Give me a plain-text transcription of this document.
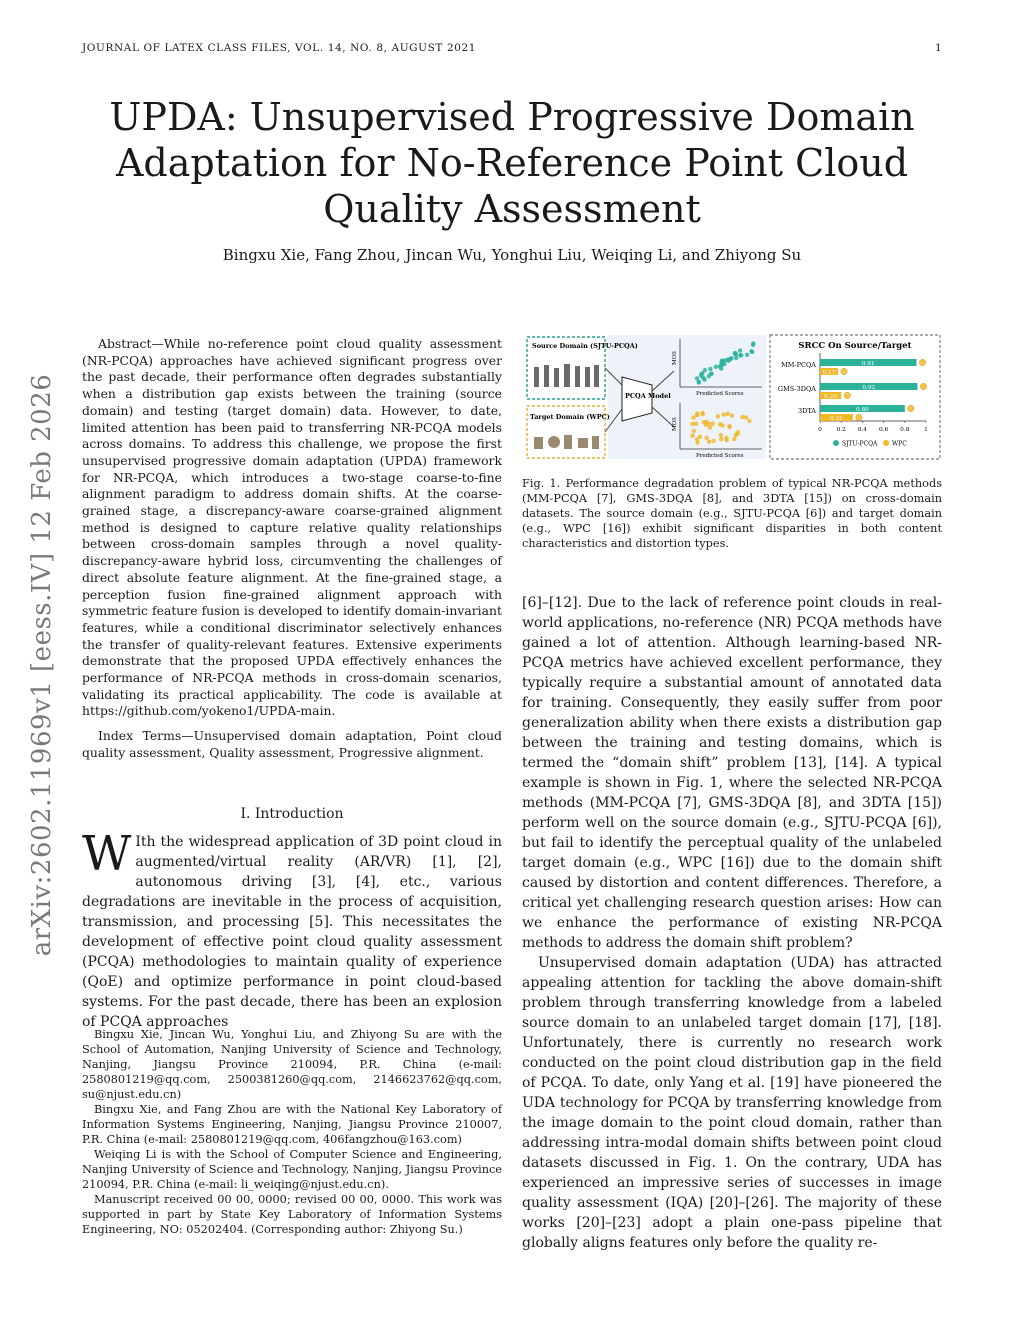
JOURNAL OF LATEX CLASS FILES, VOL. 14, NO. 8, AUGUST 2021	1
UPDA: Unsupervised Progressive Domain Adaptation for No-Reference Point Cloud Quality Assessment
Bingxu Xie, Fang Zhou, Jincan Wu, Yonghui Liu, Weiqing Li, and Zhiyong Su
arXiv:2602.11969v1 [eess.IV] 12 Feb 2026

Abstract—While no-reference point cloud quality assessment (NR-PCQA) approaches have achieved significant progress over the past decade, their performance often degrades substantially when a distribution gap exists between the training (source domain) and testing (target domain) data. However, to date, limited attention has been paid to transferring NR-PCQA models across domains. To address this challenge, we propose the first unsupervised progressive domain adaptation (UPDA) framework for NR-PCQA, which introduces a two-stage coarse-to-fine alignment paradigm to address domain shifts. At the coarse-grained stage, a discrepancy-aware coarse-grained alignment method is designed to capture relative quality relationships between cross-domain samples through a novel quality-discrepancy-aware hybrid loss, circumventing the challenges of direct absolute feature alignment. At the fine-grained stage, a perception fusion fine-grained alignment approach with symmetric feature fusion is developed to identify domain-invariant features, while a conditional discriminator selectively enhances the transfer of quality-relevant features. Extensive experiments demonstrate that the proposed UPDA effectively enhances the performance of NR-PCQA methods in cross-domain scenarios, validating its practical applicability. The code is available at https://github.com/yokeno1/UPDA-main.

Index Terms—Unsupervised domain adaptation, Point cloud quality assessment, Quality assessment, Progressive alignment.

I. Introduction
W Ith the widespread application of 3D point cloud in augmented/virtual reality (AR/VR) [1], [2], autonomous driving [3], [4], etc., various degradations are inevitable in the process of acquisition, transmission, and processing [5]. This necessitates the development of effective point cloud quality assessment (PCQA) methodologies to maintain quality of experience (QoE) and optimize performance in point cloud-based systems. For the past decade, there has been an explosion of PCQA approaches

Bingxu Xie, Jincan Wu, Yonghui Liu, and Zhiyong Su are with the School of Automation, Nanjing University of Science and Technology, Nanjing, Jiangsu Province 210094, P.R. China (e-mail: 2580801219@qq.com, 2500381260@qq.com, 2146623762@qq.com, su@njust.edu.cn)

Bingxu Xie, and Fang Zhou are with the National Key Laboratory of Information Systems Engineering, Nanjing, Jiangsu Province 210007, P.R. China (e-mail: 2580801219@qq.com, 406fangzhou@163.com)

Weiqing Li is with the School of Computer Science and Engineering, Nanjing University of Science and Technology, Nanjing, Jiangsu Province 210094, P.R. China (e-mail: li_weiqing@njust.edu.cn).

Manuscript received 00 00, 0000; revised 00 00, 0000. This work was supported in part by State Key Laboratory of Information Systems Engineering, NO: 05202404. (Corresponding author: Zhiyong Su.)

Source Domain (SJTU-PCQA)
Target Domain (WPC)
PCQA Model
MOS
Predicted Scores
MOS
Predicted Scores
SRCC On Source/Target
MM-PCQA	0.91
0.17
GMS-3DQA	0.92
0.20
3DTA	0.80
0.31
0	0.2 0.4 0.6 0.8	1
SJTU-PCQA WPC

Fig. 1. Performance degradation problem of typical NR-PCQA methods (MM-PCQA [7], GMS-3DQA [8], and 3DTA [15]) on cross-domain datasets. The source domain (e.g., SJTU-PCQA [6]) and target domain (e.g., WPC [16]) exhibit significant disparities in both content characteristics and distortion types.

[6]–[12]. Due to the lack of reference point clouds in real-world applications, no-reference (NR) PCQA methods have gained a lot of attention. Although learning-based NR-PCQA metrics have achieved excellent performance, they typically require a substantial amount of annotated data for training. Consequently, they easily suffer from poor generalization ability when there exists a distribution gap between the training and testing domains, which is termed the “domain shift” problem [13], [14]. A typical example is shown in Fig. 1, where the selected NR-PCQA methods (MM-PCQA [7], GMS-3DQA [8], and 3DTA [15]) perform well on the source domain (e.g., SJTU-PCQA [6]), but fail to identify the perceptual quality of the unlabeled target domain (e.g., WPC [16]) due to the domain shift caused by distortion and content differences. Therefore, a critical yet challenging research question arises: How can we enhance the performance of existing NR-PCQA methods to address the domain shift problem?

Unsupervised domain adaptation (UDA) has attracted appealing attention for tackling the above domain-shift problem through transferring knowledge from a labeled source domain to an unlabeled target domain [17], [18]. Unfortunately, there is currently no research work conducted on the point cloud distribution gap in the field of PCQA. To date, only Yang et al. [19] have pioneered the UDA technology for PCQA by transferring knowledge from the image domain to the point cloud domain, rather than addressing intra-modal domain shifts between point cloud datasets discussed in Fig. 1. On the contrary, UDA has experienced an impressive series of successes in image quality assessment (IQA) [20]–[26]. The majority of these works [20]–[23] adopt a plain one-pass pipeline that globally aligns features only before the quality re-
